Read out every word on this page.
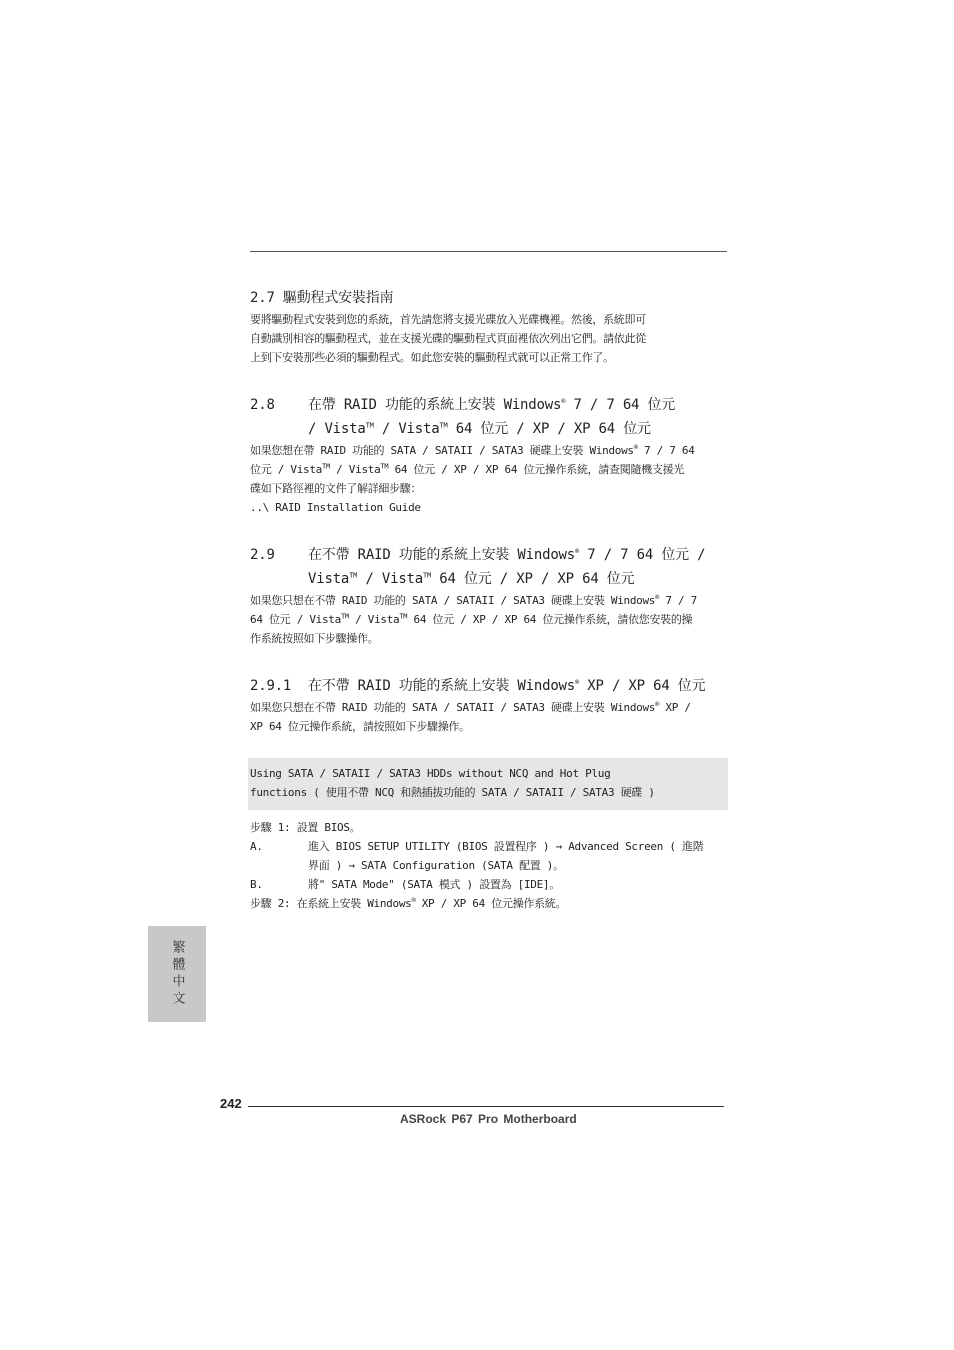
2.7 驅動程式安裝指南

要將驅動程式安裝到您的系統，首先請您將支援光碟放入光碟機裡。然後，系統即可

自動識別相容的驅動程式，並在支援光碟的驅動程式頁面裡依次列出它們。請依此從

上到下安裝那些必須的驅動程式。如此您安裝的驅動程式就可以正常工作了。

2.8 在帶 RAID 功能的系統上安裝 Windows® 7 / 7 64 位元
/ Vista™ / Vista™ 64 位元 / XP / XP 64 位元

如果您想在帶 RAID 功能的 SATA / SATAII / SATA3 硬碟上安裝 Windows® 7 / 7 64

位元 / Vista™ / Vista™ 64 位元 / XP / XP 64 位元操作系統，請查閱隨機支援光

碟如下路徑裡的文件了解詳細步驟：

..\ RAID Installation Guide

2.9 在不帶 RAID 功能的系統上安裝 Windows® 7 / 7 64 位元 /
Vista™ / Vista™ 64 位元 / XP / XP 64 位元

如果您只想在不帶 RAID 功能的 SATA / SATAII / SATA3 硬碟上安裝 Windows® 7 / 7

64 位元 / Vista™ / Vista™ 64 位元 / XP / XP 64 位元操作系統，請依您安裝的操

作系統按照如下步驟操作。

2.9.1 在不帶 RAID 功能的系統上安裝 Windows® XP / XP 64 位元

如果您只想在不帶 RAID 功能的 SATA / SATAII / SATA3 硬碟上安裝 Windows® XP /

XP 64 位元操作系統，請按照如下步驟操作。

Using SATA / SATAII / SATA3 HDDs without NCQ and Hot Plug

functions ( 使用不帶 NCQ 和熱插拔功能的 SATA / SATAII / SATA3 硬碟 )

步驟 1: 設置 BIOS。

A.	進入 BIOS SETUP UTILITY (BIOS 設置程序 ) → Advanced Screen ( 進階
界面 ) → SATA Configuration (SATA 配置 )。
B.	將" SATA Mode" (SATA 模式 ) 設置為 [IDE]。

步驟 2: 在系統上安裝 Windows® XP / XP 64 位元操作系統。

繁體中文
242
ASRock P67 Pro Motherboard
